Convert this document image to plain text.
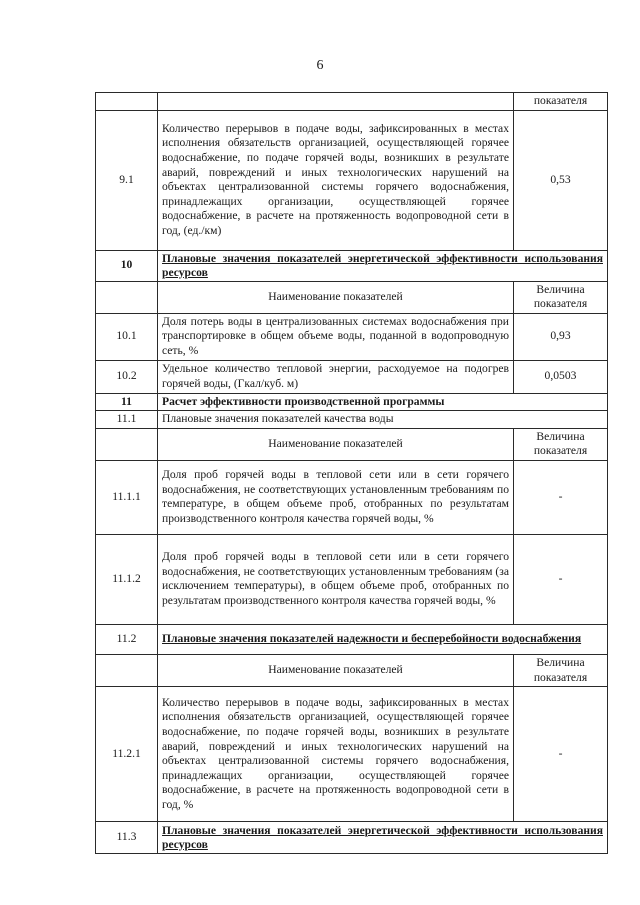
6
		показателя
9.1	Количество перерывов в подаче воды, зафиксированных в местах исполнения обязательств организацией, осуществляющей горячее водоснабжение, по подаче горячей воды, возникших в результате аварий, повреждений и иных технологических нарушений на объектах централизованной системы горячего водоснабжения, принадлежащих организации, осуществляющей горячее водоснабжение, в расчете на протяженность водопроводной сети в год, (ед./км)	0,53
10	Плановые значения показателей энергетической эффективности использования ресурсов	
	Наименование показателей	Величина показателя
10.1	Доля потерь воды в централизованных системах водоснабжения при транспортировке в общем объеме воды, поданной в водопроводную сеть, %	0,93
10.2	Удельное количество тепловой энергии, расходуемое на подогрев горячей воды, (Гкал/куб. м)	0,0503
11	Расчет эффективности производственной программы	
11.1	Плановые значения показателей качества воды	
	Наименование показателей	Величина показателя
11.1.1	Доля проб горячей воды в тепловой сети или в сети горячего водоснабжения, не соответствующих установленным требованиям по температуре, в общем объеме проб, отобранных по результатам производственного контроля качества горячей воды, %	-
11.1.2	Доля проб горячей воды в тепловой сети или в сети горячего водоснабжения, не соответствующих установленным требованиям (за исключением температуры), в общем объеме проб, отобранных по результатам производственного контроля качества горячей воды, %	-
11.2	Плановые значения показателей надежности и бесперебойности водоснабжения	
	Наименование показателей	Величина показателя
11.2.1	Количество перерывов в подаче воды, зафиксированных в местах исполнения обязательств организацией, осуществляющей горячее водоснабжение, по подаче горячей воды, возникших в результате аварий, повреждений и иных технологических нарушений на объектах централизованной системы горячего водоснабжения, принадлежащих организации, осуществляющей горячее водоснабжение, в расчете на протяженность водопроводной сети в год, %	-
11.3	Плановые значения показателей энергетической эффективности использования ресурсов	
